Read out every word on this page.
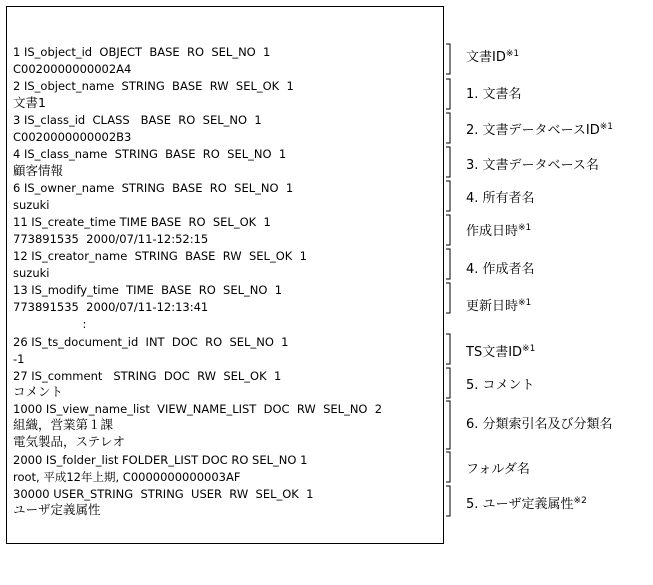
1 IS_object_id  OBJECT  BASE  RO  SEL_NO  1
C0020000000002A4
2 IS_object_name  STRING  BASE  RW  SEL_OK  1
文書1
3 IS_class_id  CLASS   BASE  RO  SEL_NO  1
C0020000000002B3
4 IS_class_name  STRING  BASE  RO  SEL_NO  1
顧客情報
6 IS_owner_name  STRING  BASE  RO  SEL_NO  1
suzuki
11 IS_create_time TIME BASE  RO  SEL_OK  1
773891535  2000/07/11-12:52:15
12 IS_creator_name  STRING  BASE  RW  SEL_OK  1
suzuki
13 IS_modify_time  TIME  BASE  RO  SEL_NO  1
773891535  2000/07/11-12:13:41
:
26 IS_ts_document_id  INT  DOC  RO  SEL_NO  1
-1
27 IS_comment   STRING  DOC  RW  SEL_OK  1
コメント
1000 IS_view_name_list  VIEW_NAME_LIST  DOC  RW  SEL_NO  2
組織，営業第１課
電気製品，ステレオ
2000 IS_folder_list FOLDER_LIST DOC RO SEL_NO 1
root, 平成12年上期, C0000000000003AF
30000 USER_STRING  STRING  USER  RW  SEL_OK  1
ユーザ定義属性
文書ID$^{※1}$
1. 文書名
2. 文書データベースID$^{※1}$
3. 文書データベース名
4. 所有者名
作成日時$^{※1}$
4. 作成者名
更新日時$^{※1}$
TS文書ID$^{※1}$
5. コメント
6. 分類索引名及び分類名
フォルダ名
5. ユーザ定義属性$^{※2}$
